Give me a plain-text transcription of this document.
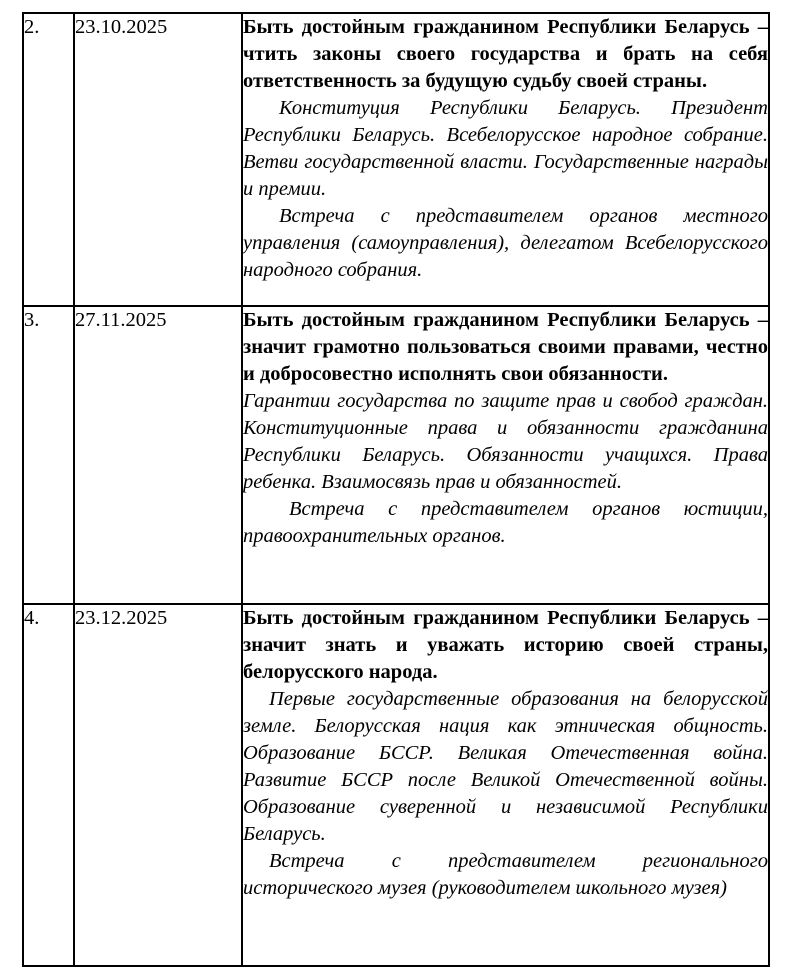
2.	23.10.2025	Быть достойным гражданином Республики Беларусь – чтить законы своего государства и брать на себя ответственность за будущую судьбу своей страны.
Конституция Республики Беларусь. Президент Республики Беларусь. Всебелорусское народное собрание. Ветви государственной власти. Государственные награды и премии.
Встреча с представителем органов местного управления (самоуправления), делегатом Всебелорусского народного собрания.

3.	27.11.2025	Быть достойным гражданином Республики Беларусь – значит грамотно пользоваться своими правами, честно и добросовестно исполнять свои обязанности.
Гарантии государства по защите прав и свобод граждан. Конституционные права и обязанности гражданина Республики Беларусь. Обязанности учащихся. Права ребенка. Взаимосвязь прав и обязанностей.
Встреча с представителем органов юстиции, правоохранительных органов.

4.	23.12.2025	Быть достойным гражданином Республики Беларусь – значит знать и уважать историю своей страны, белорусского народа.
Первые государственные образования на белорусской земле. Белорусская нация как этническая общность. Образование БССР. Великая Отечественная война. Развитие БССР после Великой Отечественной войны. Образование суверенной и независимой Республики Беларусь.
Встреча с представителем регионального исторического музея (руководителем школьного музея)
